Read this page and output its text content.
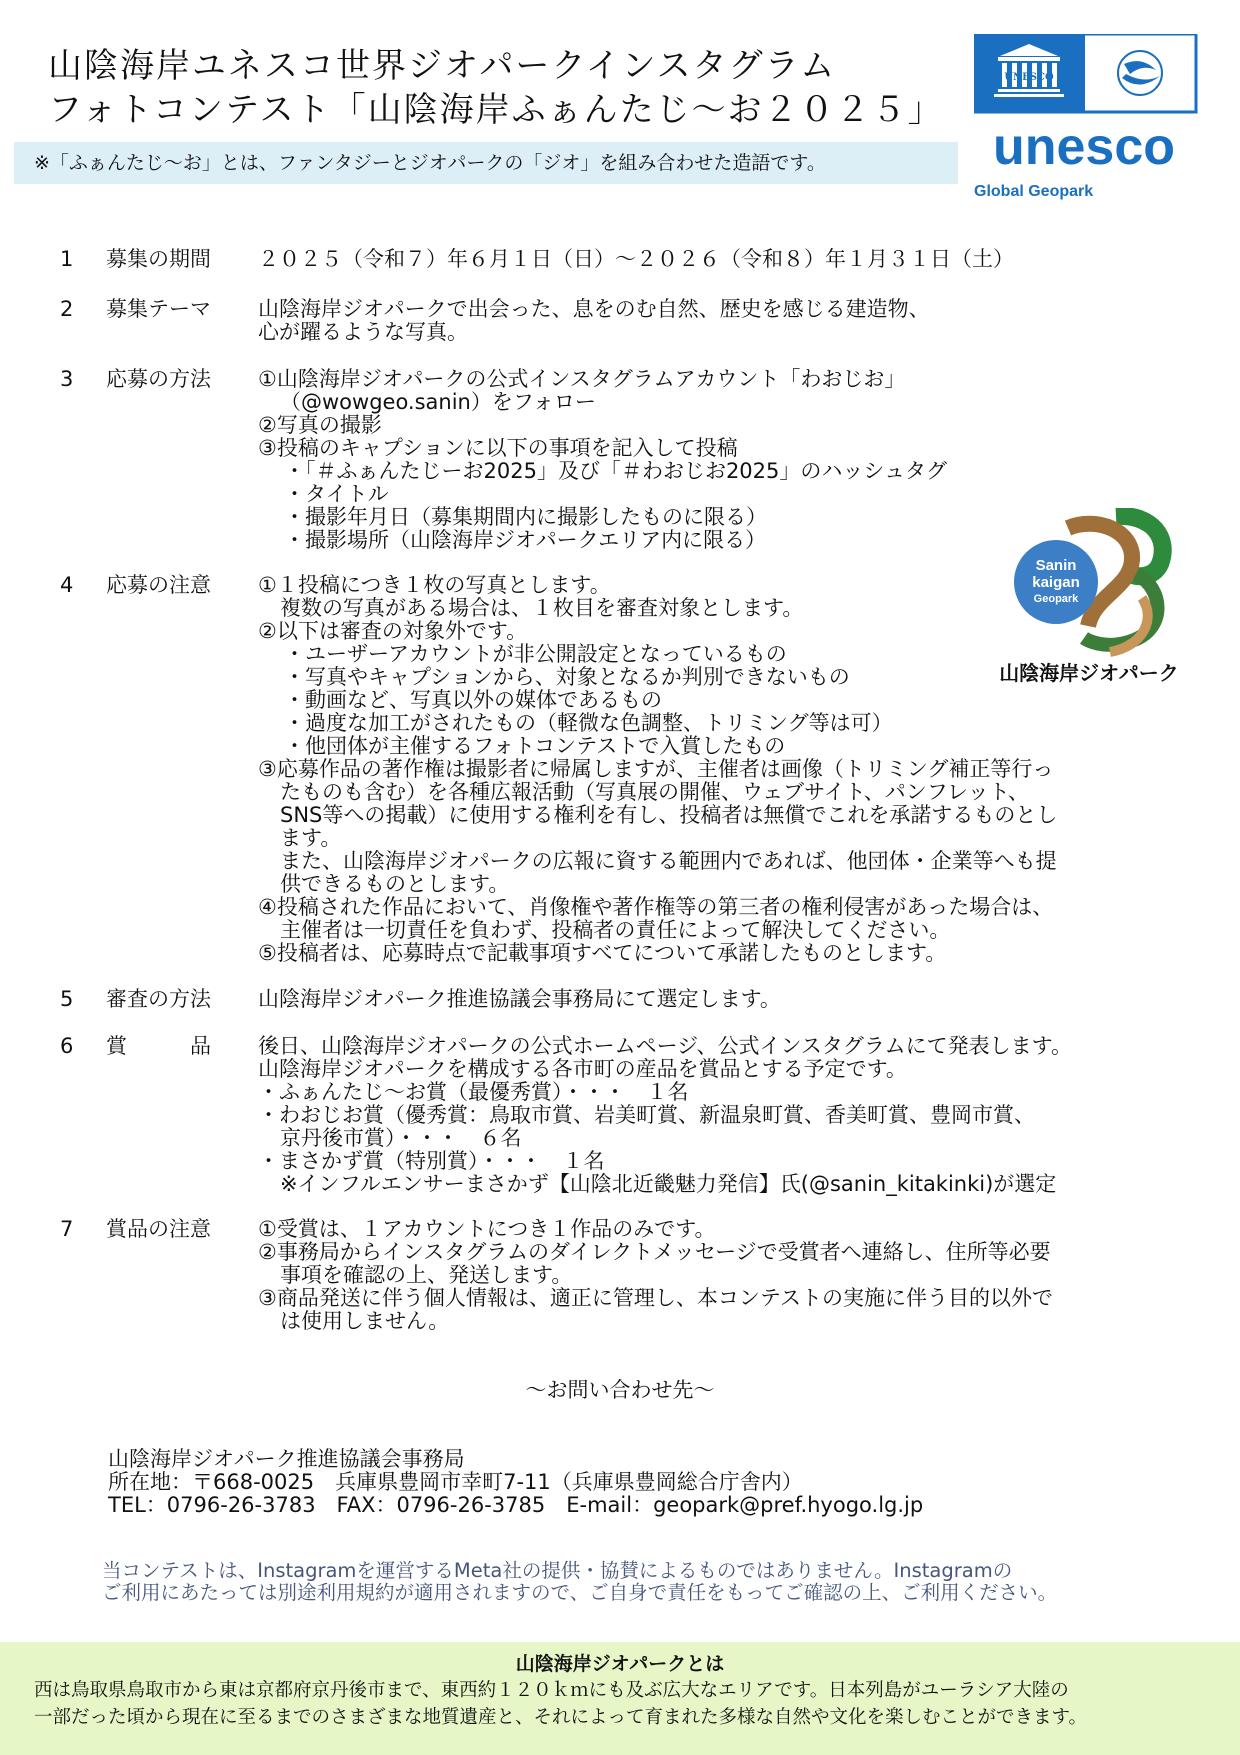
山陰海岸ユネスコ世界ジオパークインスタグラム
フォトコンテスト「山陰海岸ふぁんたじ〜お２０２５」
※「ふぁんたじ〜お」とは、ファンタジーとジオパークの「ジオ」を組み合わせた造語です。
UNESCO
unesco
Global Geopark
Sanin
kaigan
Geopark
山陰海岸ジオパーク
1 募集の期間 ２０２５（令和７）年６月１日（日）～２０２６（令和８）年１月３１日（土）
2 募集テーマ 山陰海岸ジオパークで出会った、息をのむ自然、歴史を感じる建造物、
心が躍るような写真。
3 応募の方法 ①山陰海岸ジオパークの公式インスタグラムアカウント「わおじお」
（@wowgeo.sanin）をフォロー
②写真の撮影
③投稿のキャプションに以下の事項を記入して投稿
・「＃ふぁんたじーお2025」及び「＃わおじお2025」のハッシュタグ
・タイトル
・撮影年月日（募集期間内に撮影したものに限る）
・撮影場所（山陰海岸ジオパークエリア内に限る）
4 応募の注意 ①１投稿につき１枚の写真とします。
複数の写真がある場合は、１枚目を審査対象とします。
②以下は審査の対象外です。
・ユーザーアカウントが非公開設定となっているもの
・写真やキャプションから、対象となるか判別できないもの
・動画など、写真以外の媒体であるもの
・過度な加工がされたもの（軽微な色調整、トリミング等は可）
・他団体が主催するフォトコンテストで入賞したもの
③応募作品の著作権は撮影者に帰属しますが、主催者は画像（トリミング補正等行っ
たものも含む）を各種広報活動（写真展の開催、ウェブサイト、パンフレット、
SNS等への掲載）に使用する権利を有し、投稿者は無償でこれを承諾するものとし
ます。
また、山陰海岸ジオパークの広報に資する範囲内であれば、他団体・企業等へも提
供できるものとします。
④投稿された作品において、肖像権や著作権等の第三者の権利侵害があった場合は、
主催者は一切責任を負わず、投稿者の責任によって解決してください。
⑤投稿者は、応募時点で記載事項すべてについて承諾したものとします。
5 審査の方法 山陰海岸ジオパーク推進協議会事務局にて選定します。
6 賞　　　品 後日、山陰海岸ジオパークの公式ホームページ、公式インスタグラムにて発表します。
山陰海岸ジオパークを構成する各市町の産品を賞品とする予定です。
・ふぁんたじ〜お賞（最優秀賞）・・・　１名
・わおじお賞（優秀賞：鳥取市賞、岩美町賞、新温泉町賞、香美町賞、豊岡市賞、
京丹後市賞）・・・　６名
・まさかず賞（特別賞）・・・　１名
※インフルエンサーまさかず【山陰北近畿魅力発信】氏(@sanin_kitakinki)が選定
7 賞品の注意 ①受賞は、１アカウントにつき１作品のみです。
②事務局からインスタグラムのダイレクトメッセージで受賞者へ連絡し、住所等必要
事項を確認の上、発送します。
③商品発送に伴う個人情報は、適正に管理し、本コンテストの実施に伴う目的以外で
は使用しません。
～お問い合わせ先～
山陰海岸ジオパーク推進協議会事務局
所在地：〒668-0025　兵庫県豊岡市幸町7-11（兵庫県豊岡総合庁舎内）
TEL：0796-26-3783　FAX：0796-26-3785　E-mail：geopark@pref.hyogo.lg.jp
当コンテストは、Instagramを運営するMeta社の提供・協賛によるものではありません。Instagramの
ご利用にあたっては別途利用規約が適用されますので、ご自身で責任をもってご確認の上、ご利用ください。
山陰海岸ジオパークとは
西は鳥取県鳥取市から東は京都府京丹後市まで、東西約１２０ｋｍにも及ぶ広大なエリアです。日本列島がユーラシア大陸の
一部だった頃から現在に至るまでのさまざまな地質遺産と、それによって育まれた多様な自然や文化を楽しむことができます。
